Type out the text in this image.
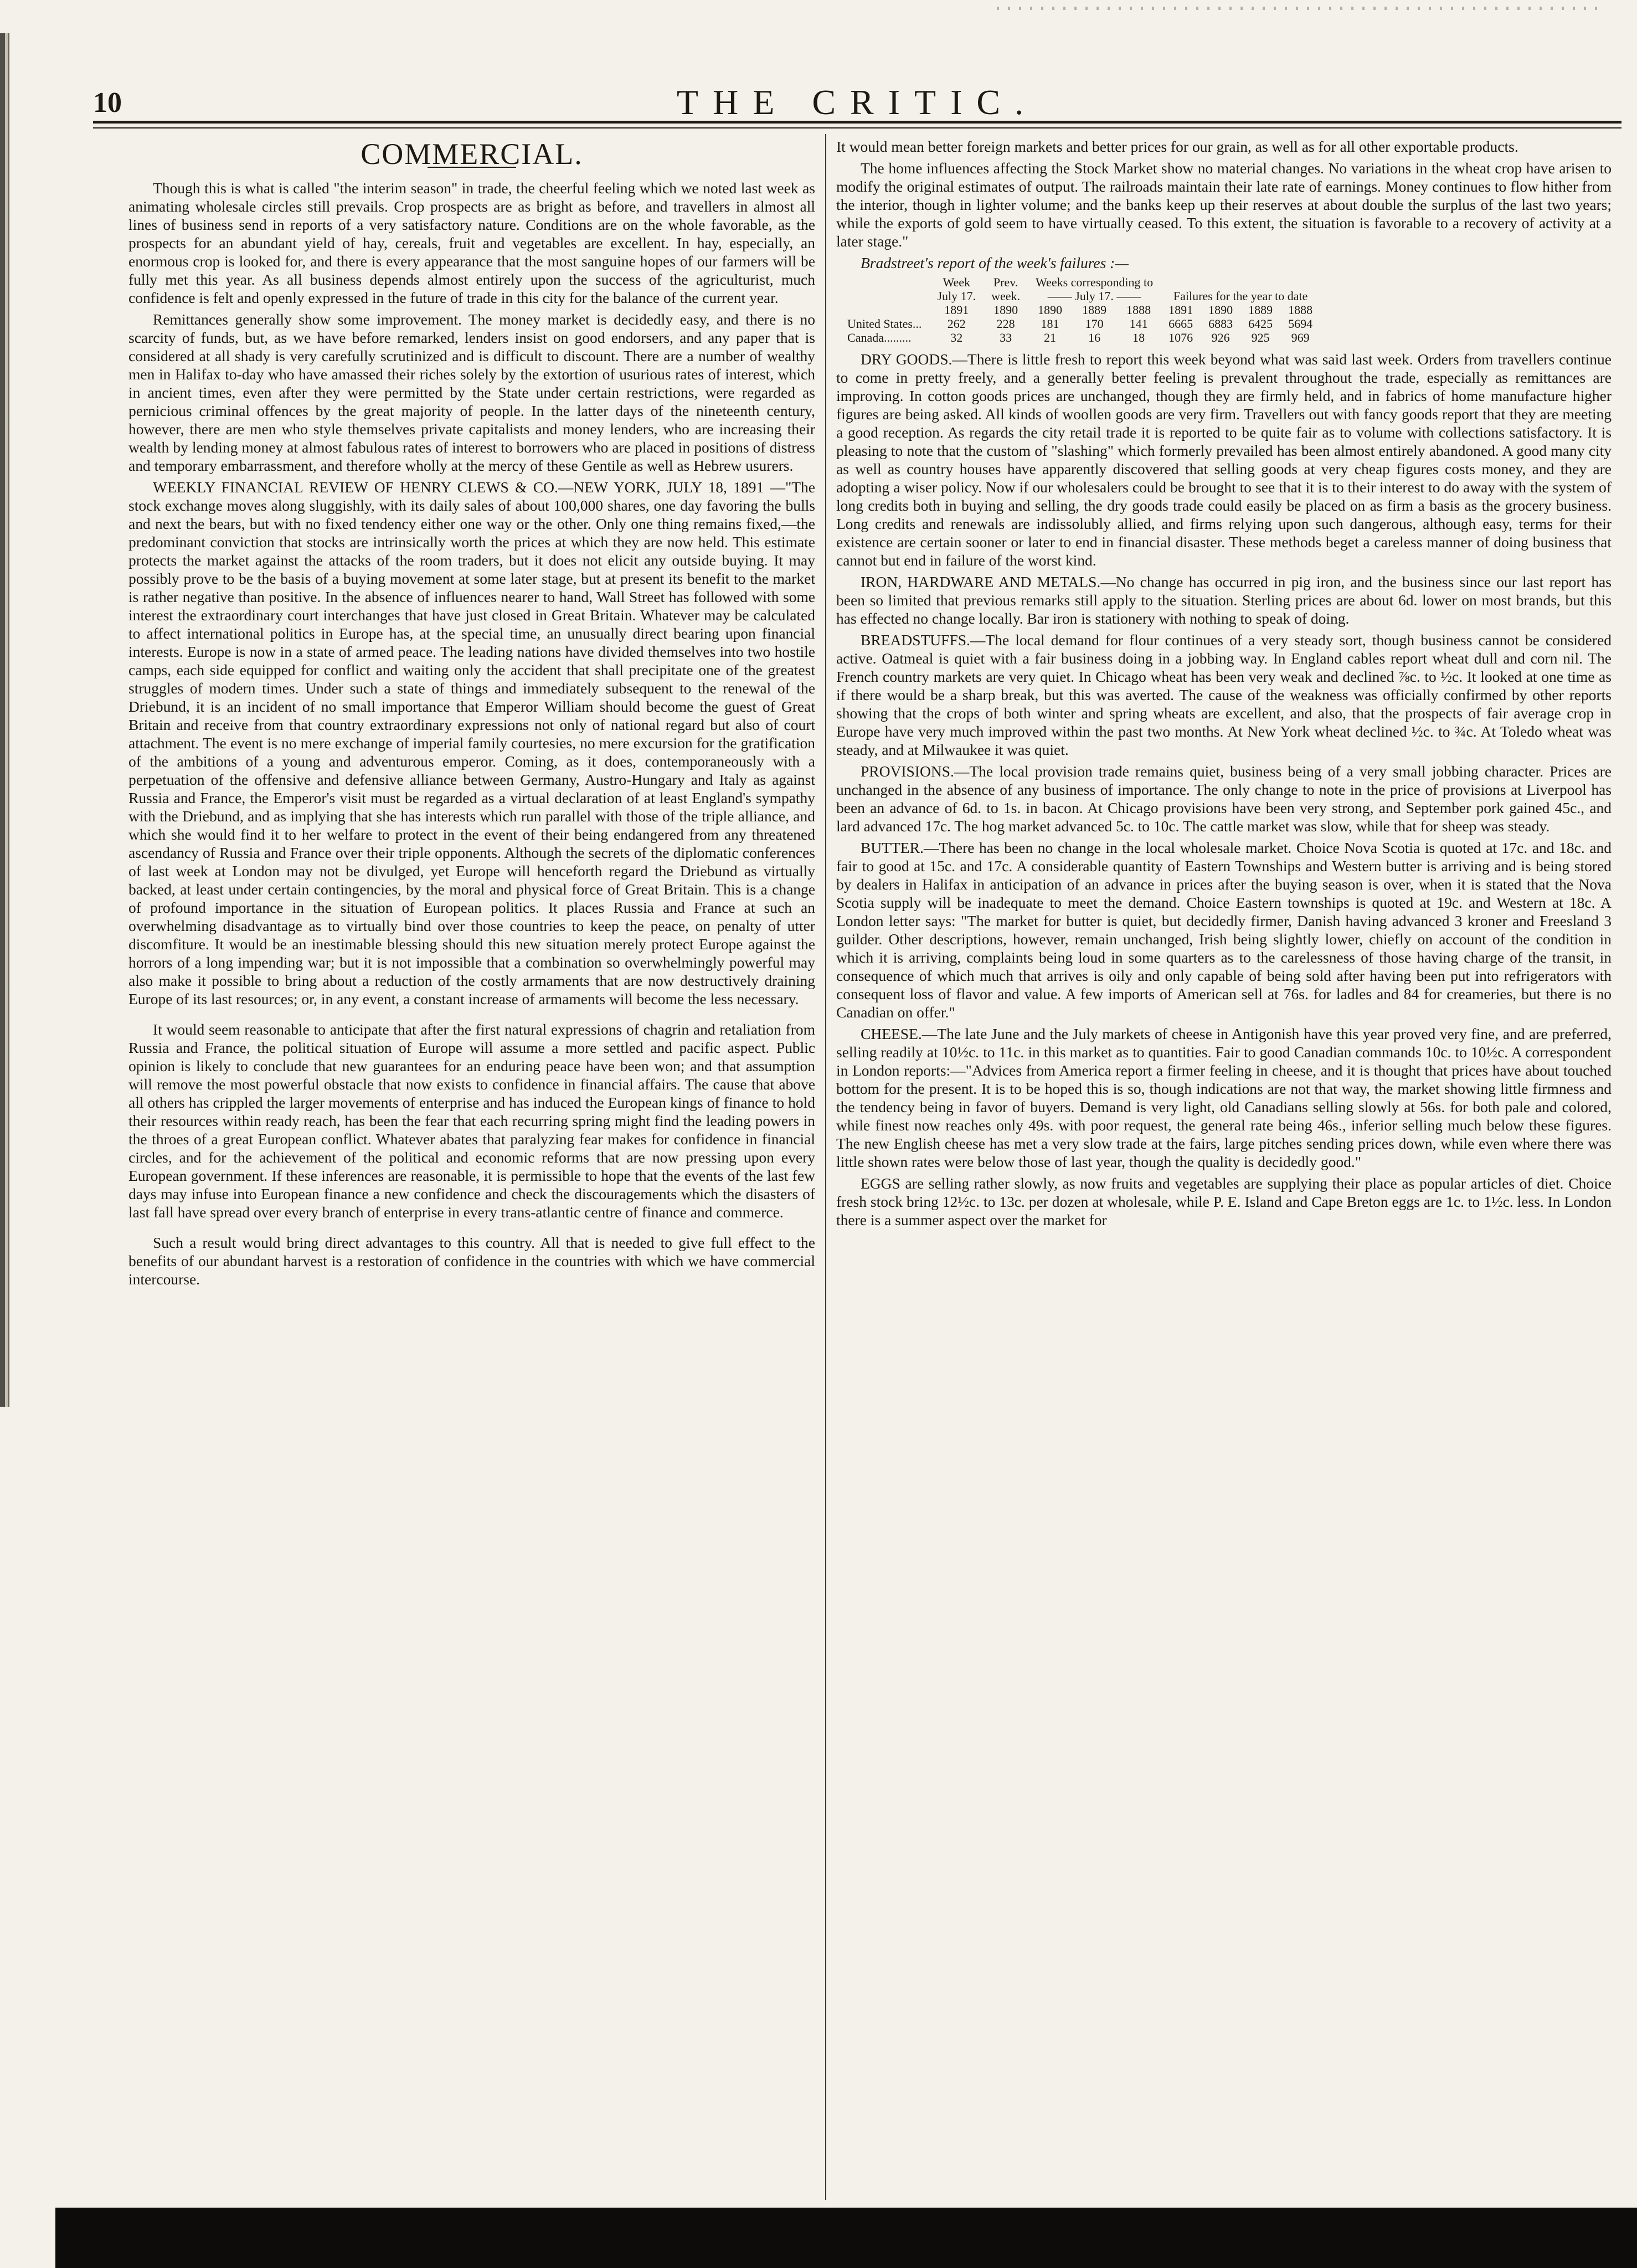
10	THE CRITIC.
COMMERCIAL.

Though this is what is called "the interim season" in trade, the cheerful feeling which we noted last week as animating wholesale circles still prevails. Crop prospects are as bright as before, and travellers in almost all lines of business send in reports of a very satisfactory nature. Conditions are on the whole favorable, as the prospects for an abundant yield of hay, cereals, fruit and vegetables are excellent. In hay, especially, an enormous crop is looked for, and there is every appearance that the most sanguine hopes of our farmers will be fully met this year. As all business depends almost entirely upon the success of the agriculturist, much confidence is felt and openly expressed in the future of trade in this city for the balance of the current year.

Remittances generally show some improvement. The money market is decidedly easy, and there is no scarcity of funds, but, as we have before remarked, lenders insist on good endorsers, and any paper that is considered at all shady is very carefully scrutinized and is difficult to discount. There are a number of wealthy men in Halifax to-day who have amassed their riches solely by the extortion of usurious rates of interest, which in ancient times, even after they were permitted by the State under certain restrictions, were regarded as pernicious criminal offences by the great majority of people. In the latter days of the nineteenth century, however, there are men who style themselves private capitalists and money lenders, who are increasing their wealth by lending money at almost fabulous rates of interest to borrowers who are placed in positions of distress and temporary embarrassment, and therefore wholly at the mercy of these Gentile as well as Hebrew usurers.

WEEKLY FINANCIAL REVIEW OF HENRY CLEWS & CO.—NEW YORK, JULY 18, 1891 —"The stock exchange moves along sluggishly, with its daily sales of about 100,000 shares, one day favoring the bulls and next the bears, but with no fixed tendency either one way or the other. Only one thing remains fixed,—the predominant conviction that stocks are intrinsically worth the prices at which they are now held. This estimate protects the market against the attacks of the room traders, but it does not elicit any outside buying. It may possibly prove to be the basis of a buying movement at some later stage, but at present its benefit to the market is rather negative than positive. In the absence of influences nearer to hand, Wall Street has followed with some interest the extraordinary court interchanges that have just closed in Great Britain. Whatever may be calculated to affect international politics in Europe has, at the special time, an unusually direct bearing upon financial interests. Europe is now in a state of armed peace. The leading nations have divided themselves into two hostile camps, each side equipped for conflict and waiting only the accident that shall precipitate one of the greatest struggles of modern times. Under such a state of things and immediately subsequent to the renewal of the Driebund, it is an incident of no small importance that Emperor William should become the guest of Great Britain and receive from that country extraordinary expressions not only of national regard but also of court attachment. The event is no mere exchange of imperial family courtesies, no mere excursion for the gratification of the ambitions of a young and adventurous emperor. Coming, as it does, contemporaneously with a perpetuation of the offensive and defensive alliance between Germany, Austro-Hungary and Italy as against Russia and France, the Emperor's visit must be regarded as a virtual declaration of at least England's sympathy with the Driebund, and as implying that she has interests which run parallel with those of the triple alliance, and which she would find it to her welfare to protect in the event of their being endangered from any threatened ascendancy of Russia and France over their triple opponents. Although the secrets of the diplomatic conferences of last week at London may not be divulged, yet Europe will henceforth regard the Driebund as virtually backed, at least under certain contingencies, by the moral and physical force of Great Britain. This is a change of profound importance in the situation of European politics. It places Russia and France at such an overwhelming disadvantage as to virtually bind over those countries to keep the peace, on penalty of utter discomfiture. It would be an inestimable blessing should this new situation merely protect Europe against the horrors of a long impending war; but it is not impossible that a combination so overwhelmingly powerful may also make it possible to bring about a reduction of the costly armaments that are now destructively draining Europe of its last resources; or, in any event, a constant increase of armaments will become the less necessary.

It would seem reasonable to anticipate that after the first natural expressions of chagrin and retaliation from Russia and France, the political situation of Europe will assume a more settled and pacific aspect. Public opinion is likely to conclude that new guarantees for an enduring peace have been won; and that assumption will remove the most powerful obstacle that now exists to confidence in financial affairs. The cause that above all others has crippled the larger movements of enterprise and has induced the European kings of finance to hold their resources within ready reach, has been the fear that each recurring spring might find the leading powers in the throes of a great European conflict. Whatever abates that paralyzing fear makes for confidence in financial circles, and for the achievement of the political and economic reforms that are now pressing upon every European government. If these inferences are reasonable, it is permissible to hope that the events of the last few days may infuse into European finance a new confidence and check the discouragements which the disasters of last fall have spread over every branch of enterprise in every trans-atlantic centre of finance and commerce.

Such a result would bring direct advantages to this country. All that is needed to give full effect to the benefits of our abundant harvest is a restoration of confidence in the countries with which we have commercial intercourse.

It would mean better foreign markets and better prices for our grain, as well as for all other exportable products.

The home influences affecting the Stock Market show no material changes. No variations in the wheat crop have arisen to modify the original estimates of output. The railroads maintain their late rate of earnings. Money continues to flow hither from the interior, though in lighter volume; and the banks keep up their reserves at about double the surplus of the last two years; while the exports of gold seem to have virtually ceased. To this extent, the situation is favorable to a recovery of activity at a later stage."

Bradstreet's report of the week's failures :—

	Week	Prev.	Weeks corresponding to						
	July 17.	week.	—— July 17. ——			Failures for the year to date			
	1891	1890	1890	1889	1888	1891	1890	1889	1888
United States...	262	228	181	170	141	6665	6883	6425	5694
Canada.........	32	33	21	16	18	1076	926	925	969

DRY GOODS.—There is little fresh to report this week beyond what was said last week. Orders from travellers continue to come in pretty freely, and a generally better feeling is prevalent throughout the trade, especially as remittances are improving. In cotton goods prices are unchanged, though they are firmly held, and in fabrics of home manufacture higher figures are being asked. All kinds of woollen goods are very firm. Travellers out with fancy goods report that they are meeting a good reception. As regards the city retail trade it is reported to be quite fair as to volume with collections satisfactory. It is pleasing to note that the custom of "slashing" which formerly prevailed has been almost entirely abandoned. A good many city as well as country houses have apparently discovered that selling goods at very cheap figures costs money, and they are adopting a wiser policy. Now if our wholesalers could be brought to see that it is to their interest to do away with the system of long credits both in buying and selling, the dry goods trade could easily be placed on as firm a basis as the grocery business. Long credits and renewals are indissolubly allied, and firms relying upon such dangerous, although easy, terms for their existence are certain sooner or later to end in financial disaster. These methods beget a careless manner of doing business that cannot but end in failure of the worst kind.

IRON, HARDWARE AND METALS.—No change has occurred in pig iron, and the business since our last report has been so limited that previous remarks still apply to the situation. Sterling prices are about 6d. lower on most brands, but this has effected no change locally. Bar iron is stationery with nothing to speak of doing.

BREADSTUFFS.—The local demand for flour continues of a very steady sort, though business cannot be considered active. Oatmeal is quiet with a fair business doing in a jobbing way. In England cables report wheat dull and corn nil. The French country markets are very quiet. In Chicago wheat has been very weak and declined ⅞c. to ½c. It looked at one time as if there would be a sharp break, but this was averted. The cause of the weakness was officially confirmed by other reports showing that the crops of both winter and spring wheats are excellent, and also, that the prospects of fair average crop in Europe have very much improved within the past two months. At New York wheat declined ½c. to ¾c. At Toledo wheat was steady, and at Milwaukee it was quiet.

PROVISIONS.—The local provision trade remains quiet, business being of a very small jobbing character. Prices are unchanged in the absence of any business of importance. The only change to note in the price of provisions at Liverpool has been an advance of 6d. to 1s. in bacon. At Chicago provisions have been very strong, and September pork gained 45c., and lard advanced 17c. The hog market advanced 5c. to 10c. The cattle market was slow, while that for sheep was steady.

BUTTER.—There has been no change in the local wholesale market. Choice Nova Scotia is quoted at 17c. and 18c. and fair to good at 15c. and 17c. A considerable quantity of Eastern Townships and Western butter is arriving and is being stored by dealers in Halifax in anticipation of an advance in prices after the buying season is over, when it is stated that the Nova Scotia supply will be inadequate to meet the demand. Choice Eastern townships is quoted at 19c. and Western at 18c. A London letter says: "The market for butter is quiet, but decidedly firmer, Danish having advanced 3 kroner and Freesland 3 guilder. Other descriptions, however, remain unchanged, Irish being slightly lower, chiefly on account of the condition in which it is arriving, complaints being loud in some quarters as to the carelessness of those having charge of the transit, in consequence of which much that arrives is oily and only capable of being sold after having been put into refrigerators with consequent loss of flavor and value. A few imports of American sell at 76s. for ladles and 84 for creameries, but there is no Canadian on offer."

CHEESE.—The late June and the July markets of cheese in Antigonish have this year proved very fine, and are preferred, selling readily at 10½c. to 11c. in this market as to quantities. Fair to good Canadian commands 10c. to 10½c. A correspondent in London reports:—"Advices from America report a firmer feeling in cheese, and it is thought that prices have about touched bottom for the present. It is to be hoped this is so, though indications are not that way, the market showing little firmness and the tendency being in favor of buyers. Demand is very light, old Canadians selling slowly at 56s. for both pale and colored, while finest now reaches only 49s. with poor request, the general rate being 46s., inferior selling much below these figures. The new English cheese has met a very slow trade at the fairs, large pitches sending prices down, while even where there was little shown rates were below those of last year, though the quality is decidedly good."

EGGS are selling rather slowly, as now fruits and vegetables are supplying their place as popular articles of diet. Choice fresh stock bring 12½c. to 13c. per dozen at wholesale, while P. E. Island and Cape Breton eggs are 1c. to 1½c. less. In London there is a summer aspect over the market for
